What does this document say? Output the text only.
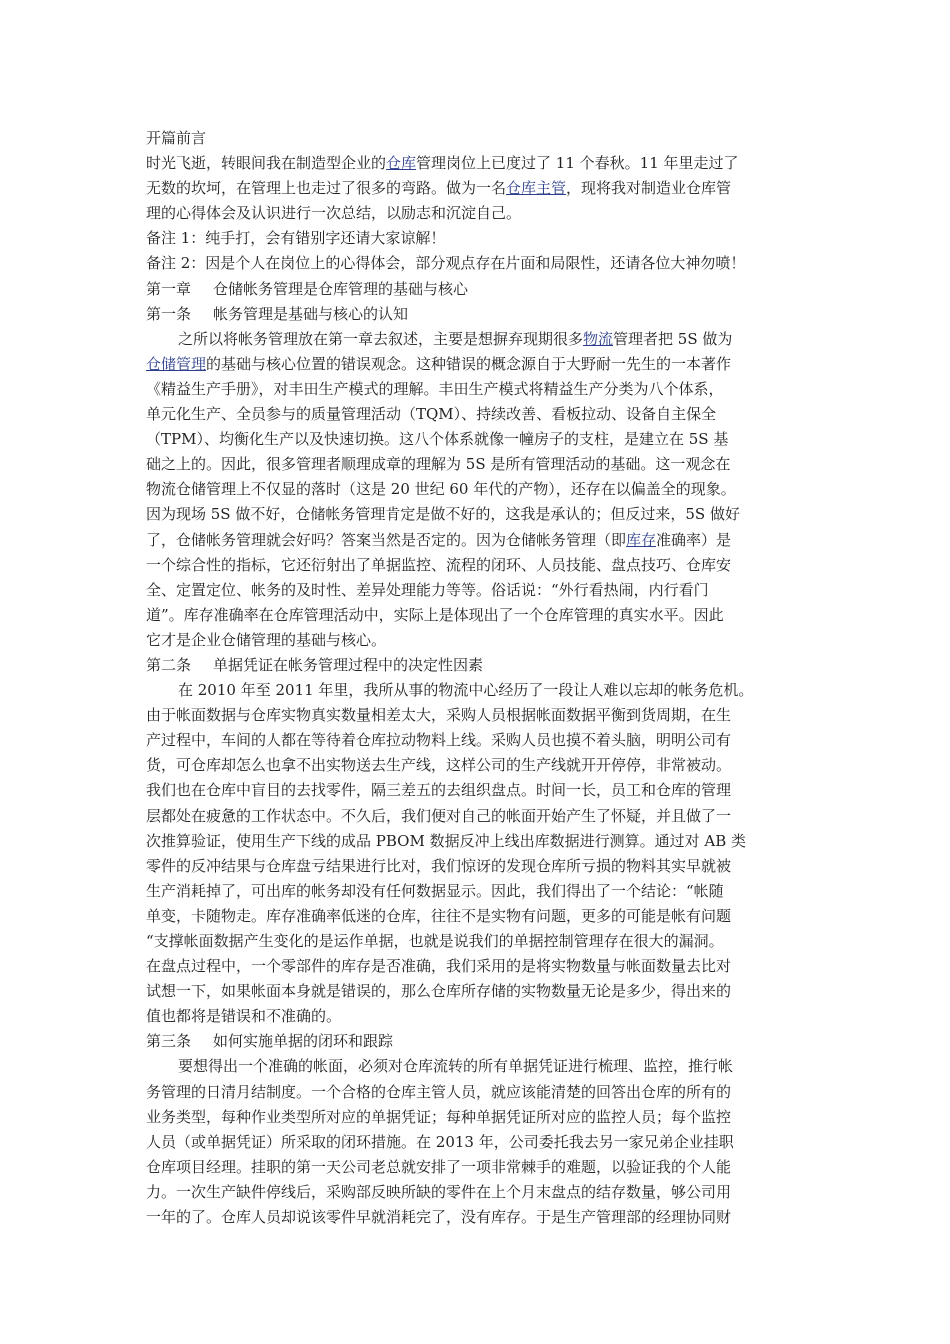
开篇前言
时光飞逝，转眼间我在制造型企业的仓库管理岗位上已度过了 11 个春秋。11 年里走过了
无数的坎坷，在管理上也走过了很多的弯路。做为一名仓库主管，现将我对制造业仓库管
理的心得体会及认识进行一次总结，以励志和沉淀自己。
备注 1：纯手打，会有错别字还请大家谅解！
备注 2：因是个人在岗位上的心得体会，部分观点存在片面和局限性，还请各位大神勿喷！
第一章 仓储帐务管理是仓库管理的基础与核心
第一条 帐务管理是基础与核心的认知
之所以将帐务管理放在第一章去叙述，主要是想摒弃现期很多物流管理者把 5S 做为
仓储管理的基础与核心位置的错误观念。这种错误的概念源自于大野耐一先生的一本著作
《精益生产手册》，对丰田生产模式的理解。丰田生产模式将精益生产分类为八个体系，
单元化生产、全员参与的质量管理活动（TQM）、持续改善、看板拉动、设备自主保全
（TPM）、均衡化生产以及快速切换。这八个体系就像一幢房子的支柱，是建立在 5S 基
础之上的。因此，很多管理者顺理成章的理解为 5S 是所有管理活动的基础。这一观念在
物流仓储管理上不仅显的落时（这是 20 世纪 60 年代的产物），还存在以偏盖全的现象。
因为现场 5S 做不好，仓储帐务管理肯定是做不好的，这我是承认的；但反过来，5S 做好
了，仓储帐务管理就会好吗？答案当然是否定的。因为仓储帐务管理（即库存准确率）是
一个综合性的指标，它还衍射出了单据监控、流程的闭环、人员技能、盘点技巧、仓库安
全、定置定位、帐务的及时性、差异处理能力等等。俗话说：“外行看热闹，内行看门
道”。库存准确率在仓库管理活动中，实际上是体现出了一个仓库管理的真实水平。因此
它才是企业仓储管理的基础与核心。
第二条 单据凭证在帐务管理过程中的决定性因素
在 2010 年至 2011 年里，我所从事的物流中心经历了一段让人难以忘却的帐务危机。
由于帐面数据与仓库实物真实数量相差太大，采购人员根据帐面数据平衡到货周期，在生
产过程中，车间的人都在等待着仓库拉动物料上线。采购人员也摸不着头脑，明明公司有
货，可仓库却怎么也拿不出实物送去生产线，这样公司的生产线就开开停停，非常被动。
我们也在仓库中盲目的去找零件，隔三差五的去组织盘点。时间一长，员工和仓库的管理
层都处在疲惫的工作状态中。不久后，我们便对自己的帐面开始产生了怀疑，并且做了一
次推算验证，使用生产下线的成品 PBOM 数据反冲上线出库数据进行测算。通过对 AB 类
零件的反冲结果与仓库盘亏结果进行比对，我们惊讶的发现仓库所亏损的物料其实早就被
生产消耗掉了，可出库的帐务却没有任何数据显示。因此，我们得出了一个结论：“帐随
单变，卡随物走。库存准确率低迷的仓库，往往不是实物有问题，更多的可能是帐有问题
“支撑帐面数据产生变化的是运作单据，也就是说我们的单据控制管理存在很大的漏洞。
在盘点过程中，一个零部件的库存是否准确，我们采用的是将实物数量与帐面数量去比对
试想一下，如果帐面本身就是错误的，那么仓库所存储的实物数量无论是多少，得出来的
值也都将是错误和不准确的。
第三条 如何实施单据的闭环和跟踪
要想得出一个准确的帐面，必须对仓库流转的所有单据凭证进行梳理、监控，推行帐
务管理的日清月结制度。一个合格的仓库主管人员，就应该能清楚的回答出仓库的所有的
业务类型，每种作业类型所对应的单据凭证；每种单据凭证所对应的监控人员；每个监控
人员（或单据凭证）所采取的闭环措施。在 2013 年，公司委托我去另一家兄弟企业挂职
仓库项目经理。挂职的第一天公司老总就安排了一项非常棘手的难题，以验证我的个人能
力。一次生产缺件停线后，采购部反映所缺的零件在上个月末盘点的结存数量，够公司用
一年的了。仓库人员却说该零件早就消耗完了，没有库存。于是生产管理部的经理协同财
